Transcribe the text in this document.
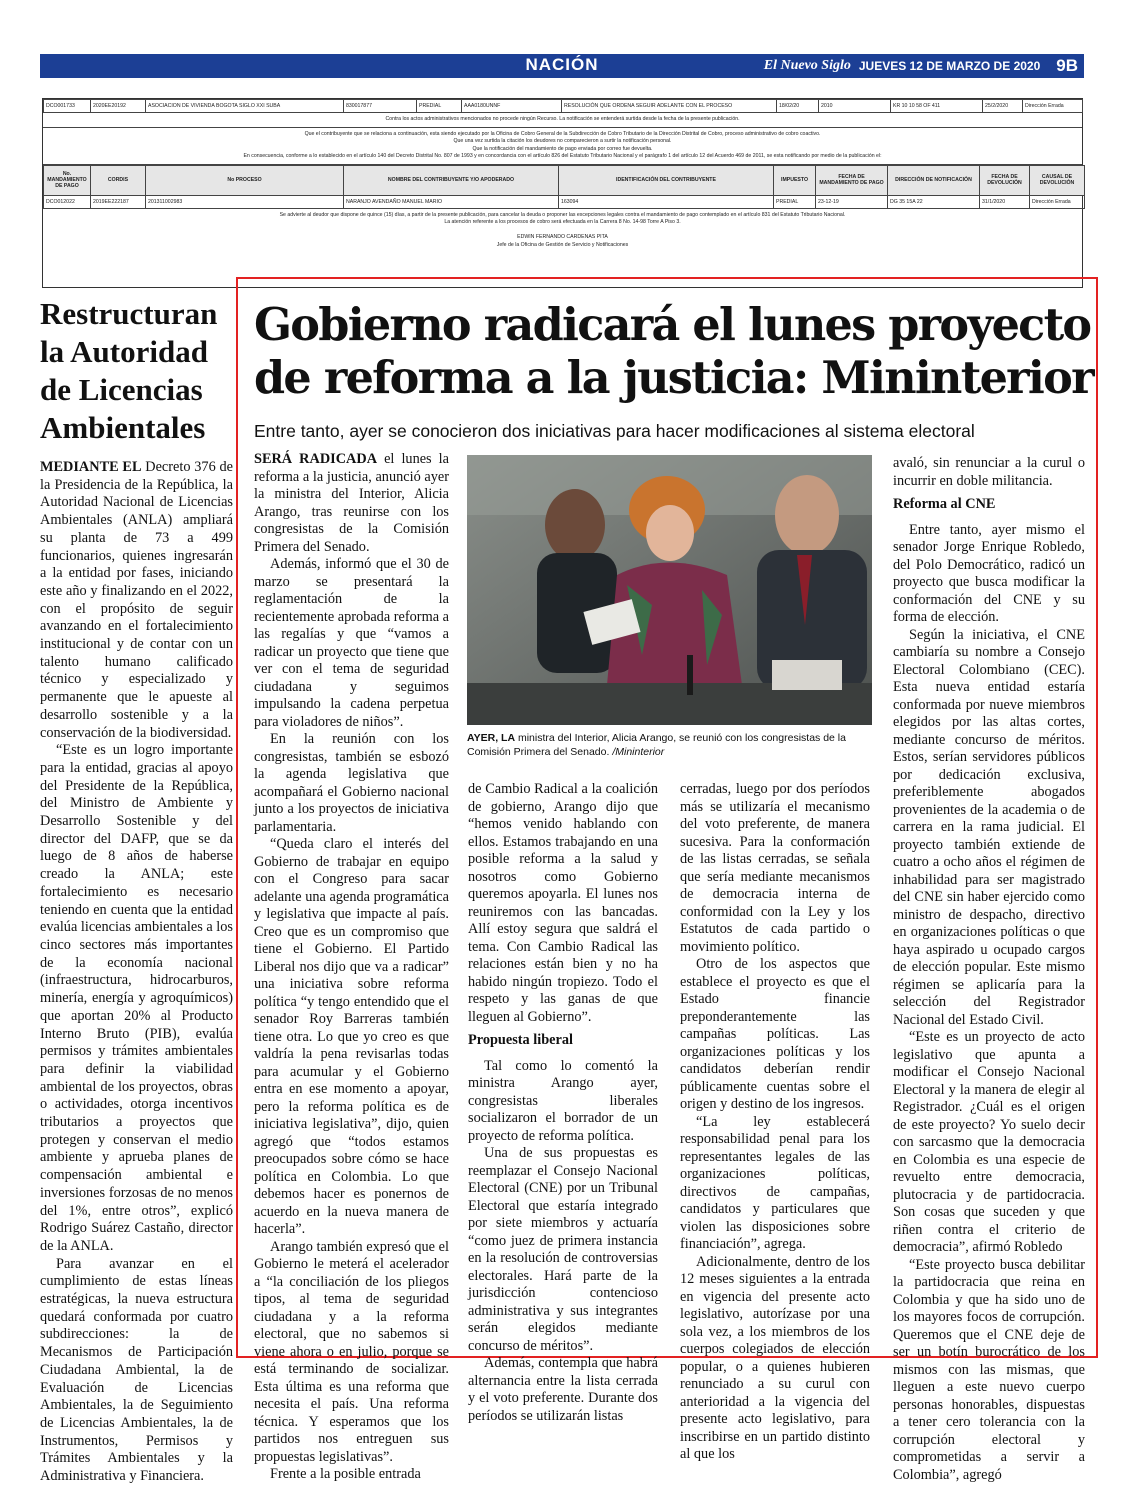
NACIÓN	El Nuevo Siglo JUEVES 12 DE MARZO DE 2020 9B
DCO001733	2020EE20192	ASOCIACION DE VIVIENDA BOGOTA SIGLO XXI SUBA	830017877	PREDIAL	AAA0180UNNF	RESOLUCIÓN QUE ORDENA SEGUIR ADELANTE CON EL PROCESO	18/02/20	2010	KR 10 10 58 OF 411	25/2/2020	Dirección Errada
Contra los actos administrativos mencionados no procede ningún Recurso. La notificación se entenderá surtida desde la fecha de la presente publicación.
Que el contribuyente que se relaciona a continuación, esta siendo ejecutado por la Oficina de Cobro General de la Subdirección de Cobro Tributario de la Dirección Distrital de Cobro, proceso administrativo de cobro coactivo.
Que una vez surtida la citación los deudores no comparecieron a surtir la notificación personal.
Que la notificación del mandamiento de pago enviada por correo fue devuelta.
En consecuencia, conforme a lo establecido en el artículo 140 del Decreto Distrital No. 807 de 1993 y en concordancia con el artículo 826 del Estatuto Tributario Nacional y el parágrafo 1 del artículo 12 del Acuerdo 469 de 2011, se esta notificando por medio de la publicación el:
No. MANDAMIENTO DE PAGO	CORDIS	No PROCESO	NOMBRE DEL CONTRIBUYENTE Y/O APODERADO	IDENTIFICACIÓN DEL CONTRIBUYENTE	IMPUESTO	FECHA DE MANDAMIENTO DE PAGO	DIRECCIÓN DE NOTIFICACIÓN	FECHA DE DEVOLUCIÓN	CAUSAL DE DEVOLUCIÓN
DCO012022	2019EE222187	201311002983	NARANJO AVENDAÑO MANUEL MARIO	163094	PREDIAL	23-12-19	DG 35 15A 22	31/1/2020	Dirección Errada
Se advierte al deudor que dispone de quince (15) días, a partir de la presente publicación, para cancelar la deuda o proponer las excepciones legales contra el mandamiento de pago contemplado en el artículo 831 del Estatuto Tributario Nacional.
La atención referente a los procesos de cobro será efectuada en la Carrera 8 No. 14-98 Torre A Piso 3.
EDWIN FERNANDO CARDENAS PITA
Jefe de la Oficina de Gestión de Servicio y Notificaciones
Restructuran la Autoridad de Licencias Ambientales

MEDIANTE EL Decreto 376 de la Presidencia de la República, la Autoridad Nacional de Licencias Ambientales (ANLA) ampliará su planta de 73 a 499 funcionarios, quienes ingresarán a la entidad por fases, iniciando este año y finalizando en el 2022, con el propósito de seguir avanzando en el fortalecimiento institucional y de contar con un talento humano calificado técnico y especializado y permanente que le apueste al desarrollo sostenible y a la conservación de la biodiversidad.

“Este es un logro importante para la entidad, gracias al apoyo del Presidente de la República, del Ministro de Ambiente y Desarrollo Sostenible y del director del DAFP, que se da luego de 8 años de haberse creado la ANLA; este fortalecimiento es necesario teniendo en cuenta que la entidad evalúa licencias ambientales a los cinco sectores más importantes de la economía nacional (infraestructura, hidrocarburos, minería, energía y agroquímicos) que aportan 20% al Producto Interno Bruto (PIB), evalúa permisos y trámites ambientales para definir la viabilidad ambiental de los proyectos, obras o actividades, otorga incentivos tributarios a proyectos que protegen y conservan el medio ambiente y aprueba planes de compensación ambiental e inversiones forzosas de no menos del 1%, entre otros”, explicó Rodrigo Suárez Castaño, director de la ANLA.

Para avanzar en el cumplimiento de estas líneas estratégicas, la nueva estructura quedará conformada por cuatro subdirecciones: la de Mecanismos de Participación Ciudadana Ambiental, la de Evaluación de Licencias Ambientales, la de Seguimiento de Licencias Ambientales, la de Instrumentos, Permisos y Trámites Ambientales y la Administrativa y Financiera.

Gobierno radicará el lunes proyecto de reforma a la justicia: Mininterior
Entre tanto, ayer se conocieron dos iniciativas para hacer modificaciones al sistema electoral

SERÁ RADICADA el lunes la reforma a la justicia, anunció ayer la ministra del Interior, Alicia Arango, tras reunirse con los congresistas de la Comisión Primera del Senado.

Además, informó que el 30 de marzo se presentará la reglamentación de la recientemente aprobada reforma a las regalías y que “vamos a radicar un proyecto que tiene que ver con el tema de seguridad ciudadana y seguimos impulsando la cadena perpetua para violadores de niños”.

En la reunión con los congresistas, también se esbozó la agenda legislativa que acompañará el Gobierno nacional junto a los proyectos de iniciativa parlamentaria.

“Queda claro el interés del Gobierno de trabajar en equipo con el Congreso para sacar adelante una agenda programática y legislativa que impacte al país. Creo que es un compromiso que tiene el Gobierno. El Partido Liberal nos dijo que va a radicar” una iniciativa sobre reforma política “y tengo entendido que el senador Roy Barreras también tiene otra. Lo que yo creo es que valdría la pena revisarlas todas para acumular y el Gobierno entra en ese momento a apoyar, pero la reforma política es de iniciativa legislativa”, dijo, quien agregó que “todos estamos preocupados sobre cómo se hace política en Colombia. Lo que debemos hacer es ponernos de acuerdo en la nueva manera de hacerla”.

Arango también expresó que el Gobierno le meterá el acelerador a “la conciliación de los pliegos tipos, al tema de seguridad ciudadana y a la reforma electoral, que no sabemos si viene ahora o en julio, porque se está terminando de socializar. Esta última es una reforma que necesita el país. Una reforma técnica. Y esperamos que los partidos nos entreguen sus propuestas legislativas”.

Frente a la posible entrada

AYER, LA ministra del Interior, Alicia Arango, se reunió con los congresistas de la Comisión Primera del Senado. /Mininterior

de Cambio Radical a la coalición de gobierno, Arango dijo que “hemos venido hablando con ellos. Estamos trabajando en una posible reforma a la salud y nosotros como Gobierno queremos apoyarla. El lunes nos reuniremos con las bancadas. Allí estoy segura que saldrá el tema. Con Cambio Radical las relaciones están bien y no ha habido ningún tropiezo. Todo el respeto y las ganas de que lleguen al Gobierno”.

Propuesta liberal

Tal como lo comentó la ministra Arango ayer, congresistas liberales socializaron el borrador de un proyecto de reforma política.

Una de sus propuestas es reemplazar el Consejo Nacional Electoral (CNE) por un Tribunal Electoral que estaría integrado por siete miembros y actuaría “como juez de primera instancia en la resolución de controversias electorales. Hará parte de la jurisdicción contencioso administrativa y sus integrantes serán elegidos mediante concurso de méritos”.

Además, contempla que habrá alternancia entre la lista cerrada y el voto preferente. Durante dos períodos se utilizarán listas

cerradas, luego por dos períodos más se utilizaría el mecanismo del voto preferente, de manera sucesiva. Para la conformación de las listas cerradas, se señala que sería mediante mecanismos de democracia interna de conformidad con la Ley y los Estatutos de cada partido o movimiento político.

Otro de los aspectos que establece el proyecto es que el Estado financie preponderantemente las campañas políticas. Las organizaciones políticas y los candidatos deberían rendir públicamente cuentas sobre el origen y destino de los ingresos.

“La ley establecerá responsabilidad penal para los representantes legales de las organizaciones políticas, directivos de campañas, candidatos y particulares que violen las disposiciones sobre financiación”, agrega.

Adicionalmente, dentro de los 12 meses siguientes a la entrada en vigencia del presente acto legislativo, autorízase por una sola vez, a los miembros de los cuerpos colegiados de elección popular, o a quienes hubieren renunciado a su curul con anterioridad a la vigencia del presente acto legislativo, para inscribirse en un partido distinto al que los

avaló, sin renunciar a la curul o incurrir en doble militancia.

Reforma al CNE

Entre tanto, ayer mismo el senador Jorge Enrique Robledo, del Polo Democrático, radicó un proyecto que busca modificar la conformación del CNE y su forma de elección.

Según la iniciativa, el CNE cambiaría su nombre a Consejo Electoral Colombiano (CEC). Esta nueva entidad estaría conformada por nueve miembros elegidos por las altas cortes, mediante concurso de méritos. Estos, serían servidores públicos por dedicación exclusiva, preferiblemente abogados provenientes de la academia o de carrera en la rama judicial. El proyecto también extiende de cuatro a ocho años el régimen de inhabilidad para ser magistrado del CNE sin haber ejercido como ministro de despacho, directivo en organizaciones políticas o que haya aspirado u ocupado cargos de elección popular. Este mismo régimen se aplicaría para la selección del Registrador Nacional del Estado Civil.

“Este es un proyecto de acto legislativo que apunta a modificar el Consejo Nacional Electoral y la manera de elegir al Registrador. ¿Cuál es el origen de este proyecto? Yo suelo decir con sarcasmo que la democracia en Colombia es una especie de revuelto entre democracia, plutocracia y de partidocracia. Son cosas que suceden y que riñen contra el criterio de democracia”, afirmó Robledo

“Este proyecto busca debilitar la partidocracia que reina en Colombia y que ha sido uno de los mayores focos de corrupción. Queremos que el CNE deje de ser un botín burocrático de los mismos con las mismas, que lleguen a este nuevo cuerpo personas honorables, dispuestas a tener cero tolerancia con la corrupción electoral y comprometidas a servir a Colombia”, agregó
